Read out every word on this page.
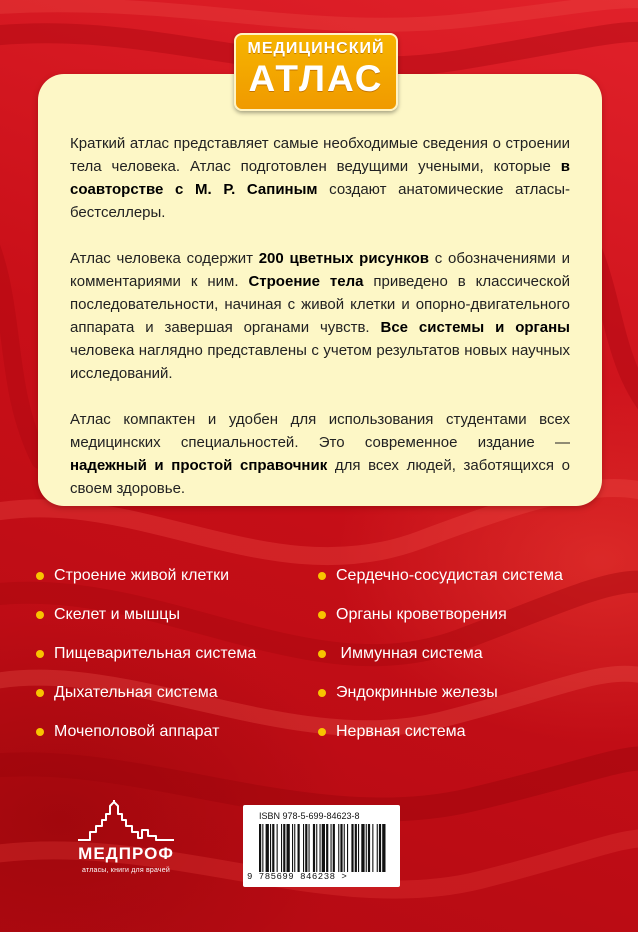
МЕДИЦИНСКИЙ
АТЛАС

Краткий атлас представляет самые необходимые сведения о строении тела человека. Атлас подготовлен ведущими учеными, которые в соавторстве с М. Р. Сапиным создают анатомические атласы-бестселлеры.

Атлас человека содержит 200 цветных рисунков с обозначениями и комментариями к ним. Строение тела приведено в классической последовательности, начиная с живой клетки и опорно-двигательного аппарата и завершая органами чувств. Все системы и органы человека наглядно представлены с учетом результатов новых научных исследований.

Атлас компактен и удобен для использования студентами всех медицинских специальностей. Это современное издание — надежный и простой справочник для всех людей, заботящихся о своем здоровье.

Строение живой клетки
Скелет и мышцы
Пищеварительная система
Дыхательная система
Мочеполовой аппарат
Сердечно-сосудистая система
Органы кроветворения
Иммунная система
Эндокринные железы
Нервная система
МЕДПРОФ
атласы, книги для врачей
ISBN 978-5-699-84623-8
9 785699 846238 >
